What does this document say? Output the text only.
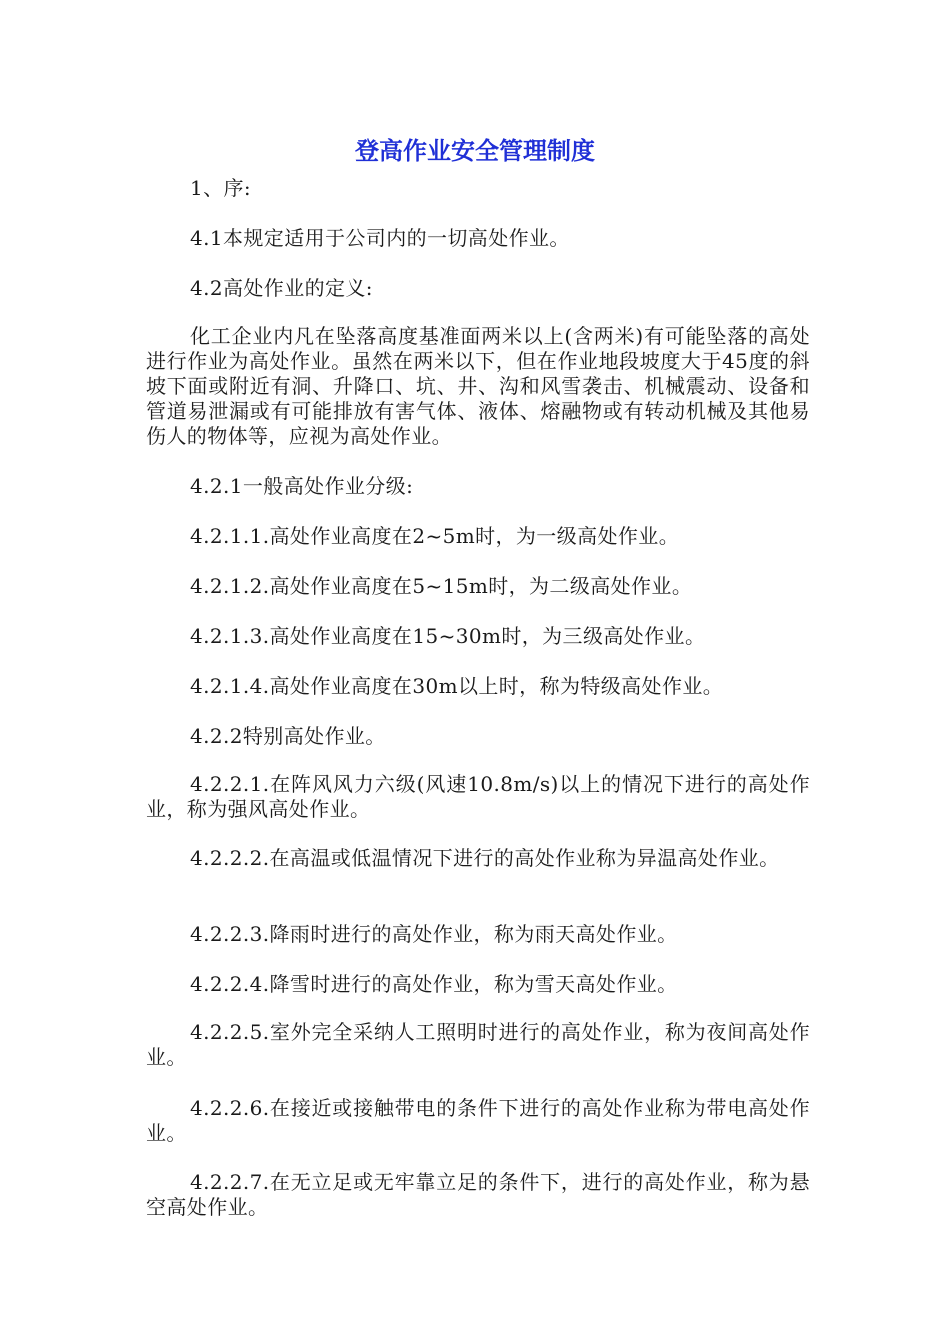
登高作业安全管理制度

1、序:

4.1本规定适用于公司内的一切高处作业。

4.2高处作业的定义:

化工企业内凡在坠落高度基准面两米以上(含两米)有可能坠落的高处进行作业为高处作业。虽然在两米以下，但在作业地段坡度大于45度的斜坡下面或附近有洞、升降口、坑、井、沟和风雪袭击、机械震动、设备和管道易泄漏或有可能排放有害气体、液体、熔融物或有转动机械及其他易伤人的物体等，应视为高处作业。

4.2.1一般高处作业分级:

4.2.1.1.高处作业高度在2~5m时，为一级高处作业。

4.2.1.2.高处作业高度在5~15m时，为二级高处作业。

4.2.1.3.高处作业高度在15~30m时，为三级高处作业。

4.2.1.4.高处作业高度在30m以上时，称为特级高处作业。

4.2.2特别高处作业。

4.2.2.1.在阵风风力六级(风速10.8m/s)以上的情况下进行的高处作业，称为强风高处作业。

4.2.2.2.在高温或低温情况下进行的高处作业称为异温高处作业。

4.2.2.3.降雨时进行的高处作业，称为雨天高处作业。

4.2.2.4.降雪时进行的高处作业，称为雪天高处作业。

4.2.2.5.室外完全采纳人工照明时进行的高处作业，称为夜间高处作业。

4.2.2.6.在接近或接触带电的条件下进行的高处作业称为带电高处作业。

4.2.2.7.在无立足或无牢靠立足的条件下，进行的高处作业，称为悬空高处作业。
